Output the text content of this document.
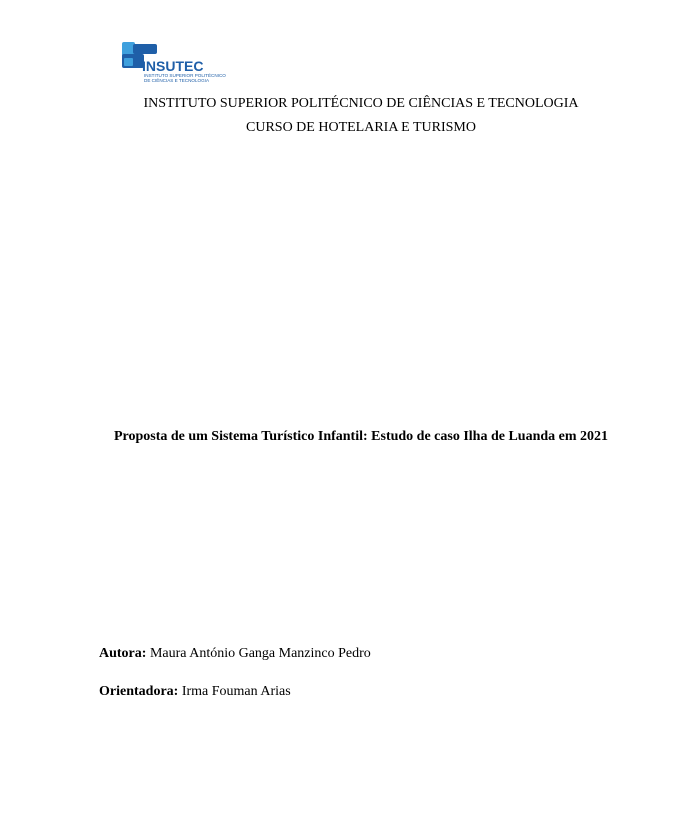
INSUTEC
INSTITUTO SUPERIOR POLITÉCNICO
DE CIÊNCIAS E TECNOLOGIA
INSTITUTO SUPERIOR POLITÉCNICO DE CIÊNCIAS E TECNOLOGIA
CURSO DE HOTELARIA E TURISMO
Proposta de um Sistema Turístico Infantil: Estudo de caso Ilha de Luanda em 2021
Autora: Maura António Ganga Manzinco Pedro
Orientadora: Irma Fouman Arias
